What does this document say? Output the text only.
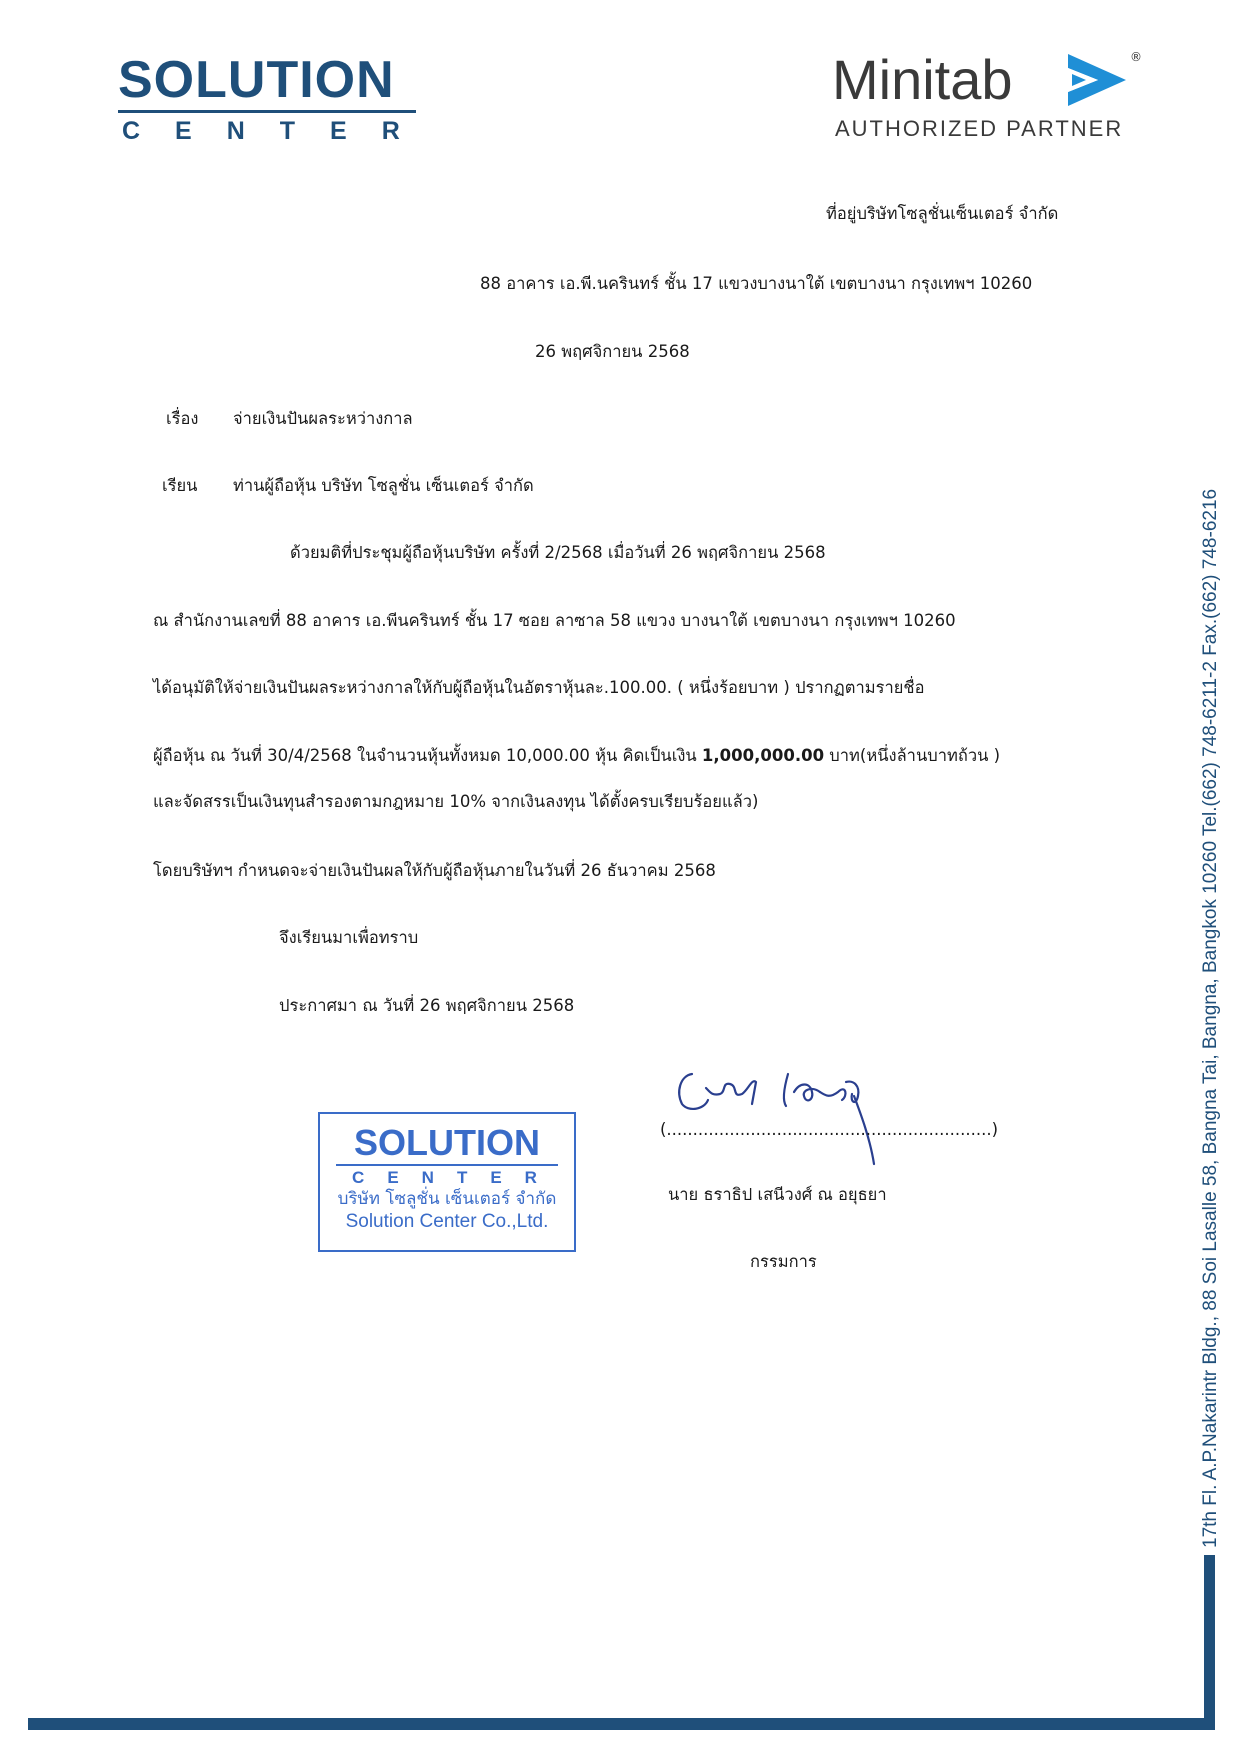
SOLUTION
CENTER
Minitab	®
AUTHORIZED PARTNER
ที่อยู่บริษัทโซลูชั่นเซ็นเตอร์ จำกัด
88 อาคาร เอ.พี.นครินทร์ ชั้น 17 แขวงบางนาใต้ เขตบางนา กรุงเทพฯ 10260
26 พฤศจิกายน 2568
เรื่อง จ่ายเงินปันผลระหว่างกาล
เรียน ท่านผู้ถือหุ้น บริษัท โซลูชั่น เซ็นเตอร์ จำกัด
ด้วยมติที่ประชุมผู้ถือหุ้นบริษัท ครั้งที่ 2/2568 เมื่อวันที่ 26 พฤศจิกายน 2568
ณ สำนักงานเลขที่ 88 อาคาร เอ.พีนครินทร์ ชั้น 17 ซอย ลาซาล 58 แขวง บางนาใต้ เขตบางนา กรุงเทพฯ 10260
ได้อนุมัติให้จ่ายเงินปันผลระหว่างกาลให้กับผู้ถือหุ้นในอัตราหุ้นละ.100.00. ( หนึ่งร้อยบาท ) ปรากฏตามรายชื่อ
ผู้ถือหุ้น ณ วันที่ 30/4/2568 ในจำนวนหุ้นทั้งหมด 10,000.00 หุ้น คิดเป็นเงิน 1,000,000.00 บาท(หนึ่งล้านบาทถ้วน )
และจัดสรรเป็นเงินทุนสำรองตามกฎหมาย 10% จากเงินลงทุน ได้ตั้งครบเรียบร้อยแล้ว)
โดยบริษัทฯ กำหนดจะจ่ายเงินปันผลให้กับผู้ถือหุ้นภายในวันที่ 26 ธันวาคม 2568
จึงเรียนมาเพื่อทราบ
ประกาศมา ณ วันที่ 26 พฤศจิกายน 2568
(..............................................................)
นาย ธราธิป เสนีวงศ์ ณ อยุธยา
กรรมการ
SOLUTION
CENTER
บริษัท โซลูชั่น เซ็นเตอร์ จำกัด
Solution Center Co.,Ltd.	17th Fl. A.P.Nakarintr Bldg., 88 Soi Lasalle 58, Bangna Tai, Bangna, Bangkok 10260 Tel.(662) 748-6211-2 Fax.(662) 748-6216
